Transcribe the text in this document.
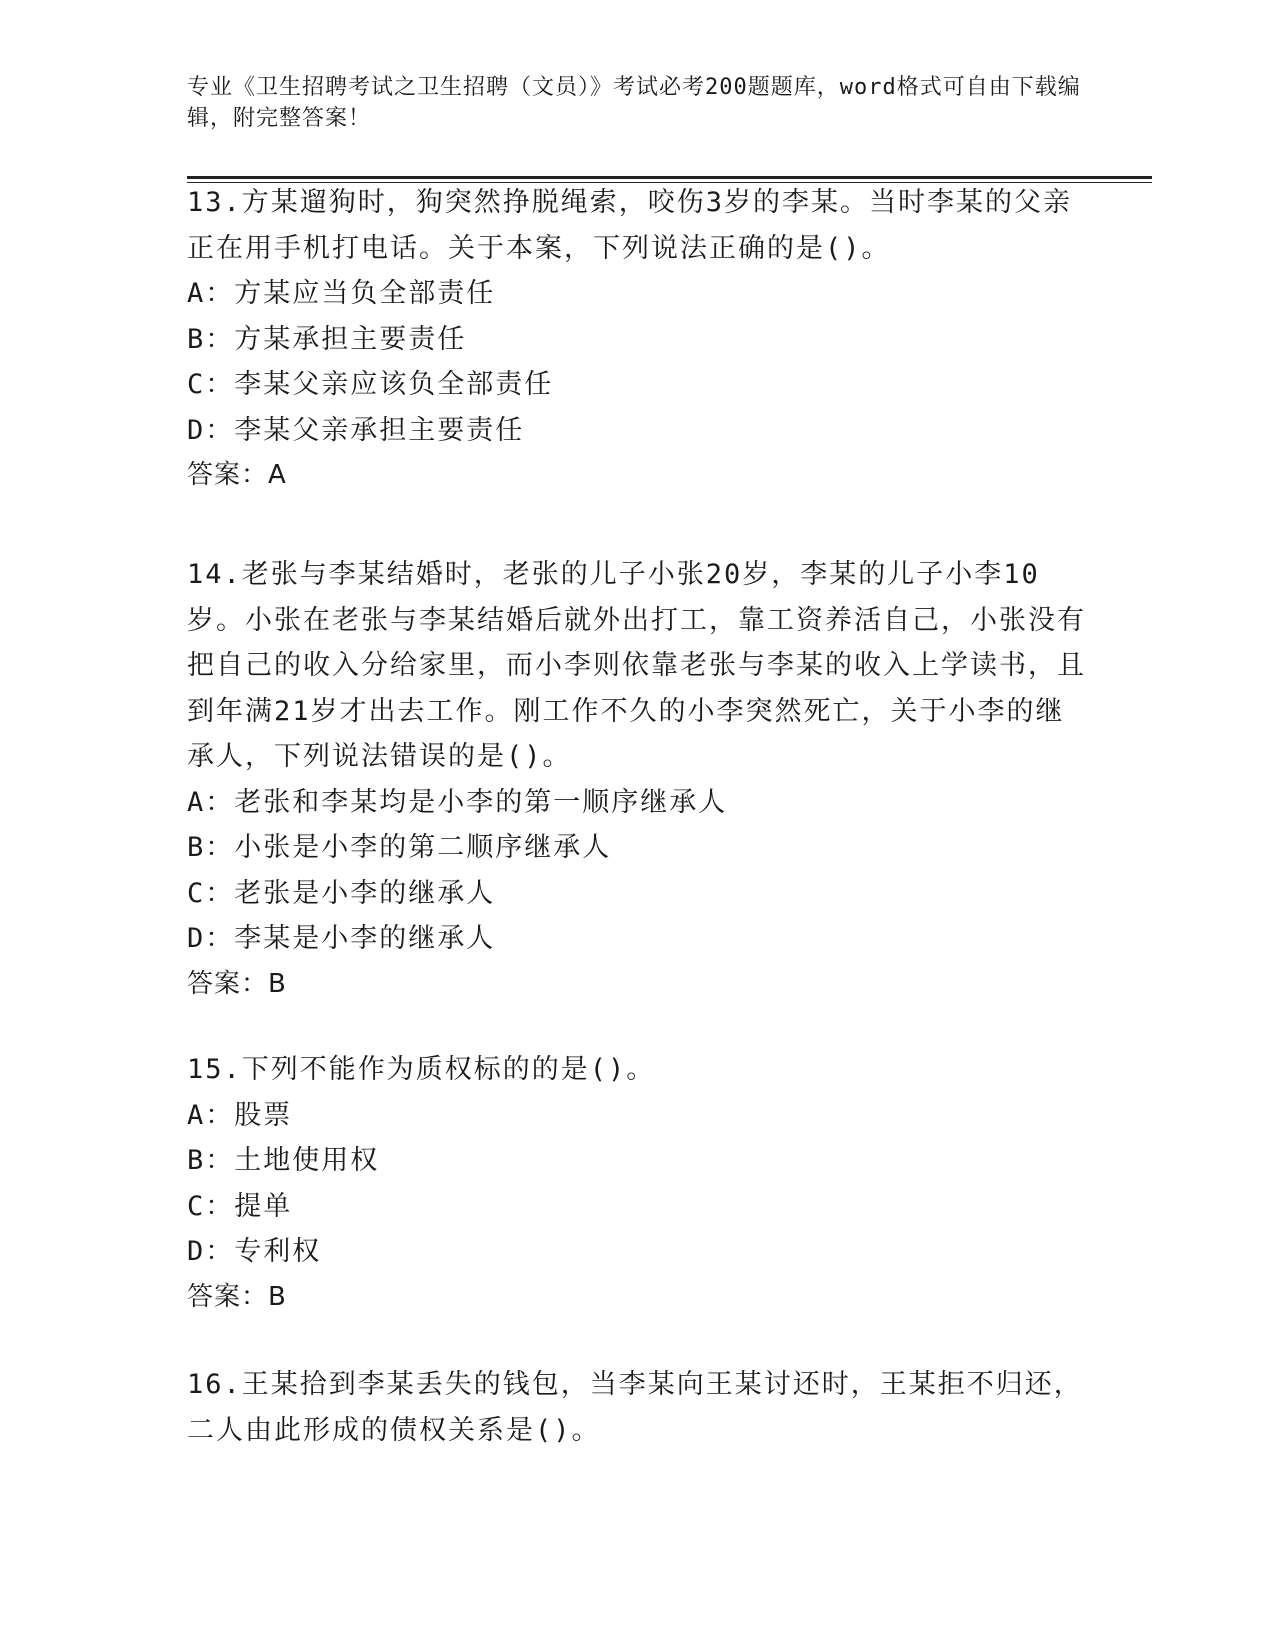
专业《卫生招聘考试之卫生招聘（文员）》考试必考200题题库，word格式可自由下载编辑，附完整答案！

13.方某遛狗时，狗突然挣脱绳索，咬伤3岁的李某。当时李某的父亲正在用手机打电话。关于本案，下列说法正确的是()。

A：方某应当负全部责任

B：方某承担主要责任

C：李某父亲应该负全部责任

D：李某父亲承担主要责任

答案：A

14.老张与李某结婚时，老张的儿子小张20岁，李某的儿子小李10岁。小张在老张与李某结婚后就外出打工，靠工资养活自己，小张没有把自己的收入分给家里，而小李则依靠老张与李某的收入上学读书，且到年满21岁才出去工作。刚工作不久的小李突然死亡，关于小李的继承人，下列说法错误的是()。

A：老张和李某均是小李的第一顺序继承人

B：小张是小李的第二顺序继承人

C：老张是小李的继承人

D：李某是小李的继承人

答案：B

15.下列不能作为质权标的的是()。

A：股票

B：土地使用权

C：提单

D：专利权

答案：B

16.王某拾到李某丢失的钱包，当李某向王某讨还时，王某拒不归还，二人由此形成的债权关系是()。
